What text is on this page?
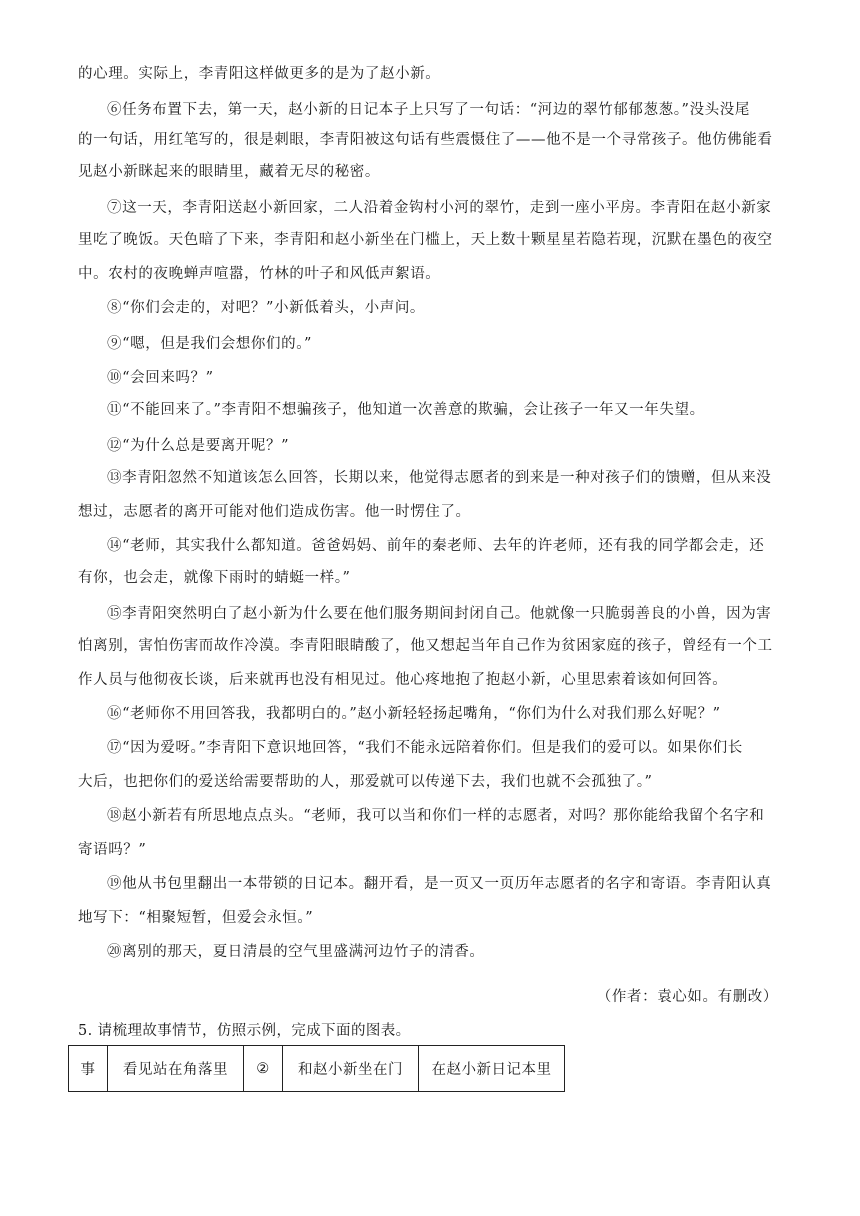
的心理。实际上，李青阳这样做更多的是为了赵小新。
⑥任务布置下去，第一天，赵小新的日记本子上只写了一句话：“河边的翠竹郁郁葱葱。”没头没尾
的一句话，用红笔写的，很是刺眼，李青阳被这句话有些震慑住了——他不是一个寻常孩子。他仿佛能看
见赵小新眯起来的眼睛里，藏着无尽的秘密。
⑦这一天，李青阳送赵小新回家，二人沿着金钩村小河的翠竹，走到一座小平房。李青阳在赵小新家
里吃了晚饭。天色暗了下来，李青阳和赵小新坐在门槛上，天上数十颗星星若隐若现，沉默在墨色的夜空
中。农村的夜晚蝉声喧嚣，竹林的叶子和风低声絮语。
⑧“你们会走的，对吧？”小新低着头，小声问。
⑨“嗯，但是我们会想你们的。”
⑩“会回来吗？”
⑪“不能回来了。”李青阳不想骗孩子，他知道一次善意的欺骗，会让孩子一年又一年失望。
⑫“为什么总是要离开呢？”
⑬李青阳忽然不知道该怎么回答，长期以来，他觉得志愿者的到来是一种对孩子们的馈赠，但从来没
想过，志愿者的离开可能对他们造成伤害。他一时愣住了。
⑭“老师，其实我什么都知道。爸爸妈妈、前年的秦老师、去年的许老师，还有我的同学都会走，还
有你，也会走，就像下雨时的蜻蜓一样。”
⑮李青阳突然明白了赵小新为什么要在他们服务期间封闭自己。他就像一只脆弱善良的小兽，因为害
怕离别，害怕伤害而故作冷漠。李青阳眼睛酸了，他又想起当年自己作为贫困家庭的孩子，曾经有一个工
作人员与他彻夜长谈，后来就再也没有相见过。他心疼地抱了抱赵小新，心里思索着该如何回答。
⑯“老师你不用回答我，我都明白的。”赵小新轻轻扬起嘴角，“你们为什么对我们那么好呢？”
⑰“因为爱呀。”李青阳下意识地回答，“我们不能永远陪着你们。但是我们的爱可以。如果你们长
大后，也把你们的爱送给需要帮助的人，那爱就可以传递下去，我们也就不会孤独了。”
⑱赵小新若有所思地点点头。“老师，我可以当和你们一样的志愿者，对吗？那你能给我留个名字和
寄语吗？”
⑲他从书包里翻出一本带锁的日记本。翻开看，是一页又一页历年志愿者的名字和寄语。李青阳认真
地写下：“相聚短暂，但爱会永恒。”
⑳离别的那天，夏日清晨的空气里盛满河边竹子的清香。
（作者：袁心如。有删改）
5. 请梳理故事情节，仿照示例，完成下面的图表。
事	看见站在角落里	②	和赵小新坐在门	在赵小新日记本里
